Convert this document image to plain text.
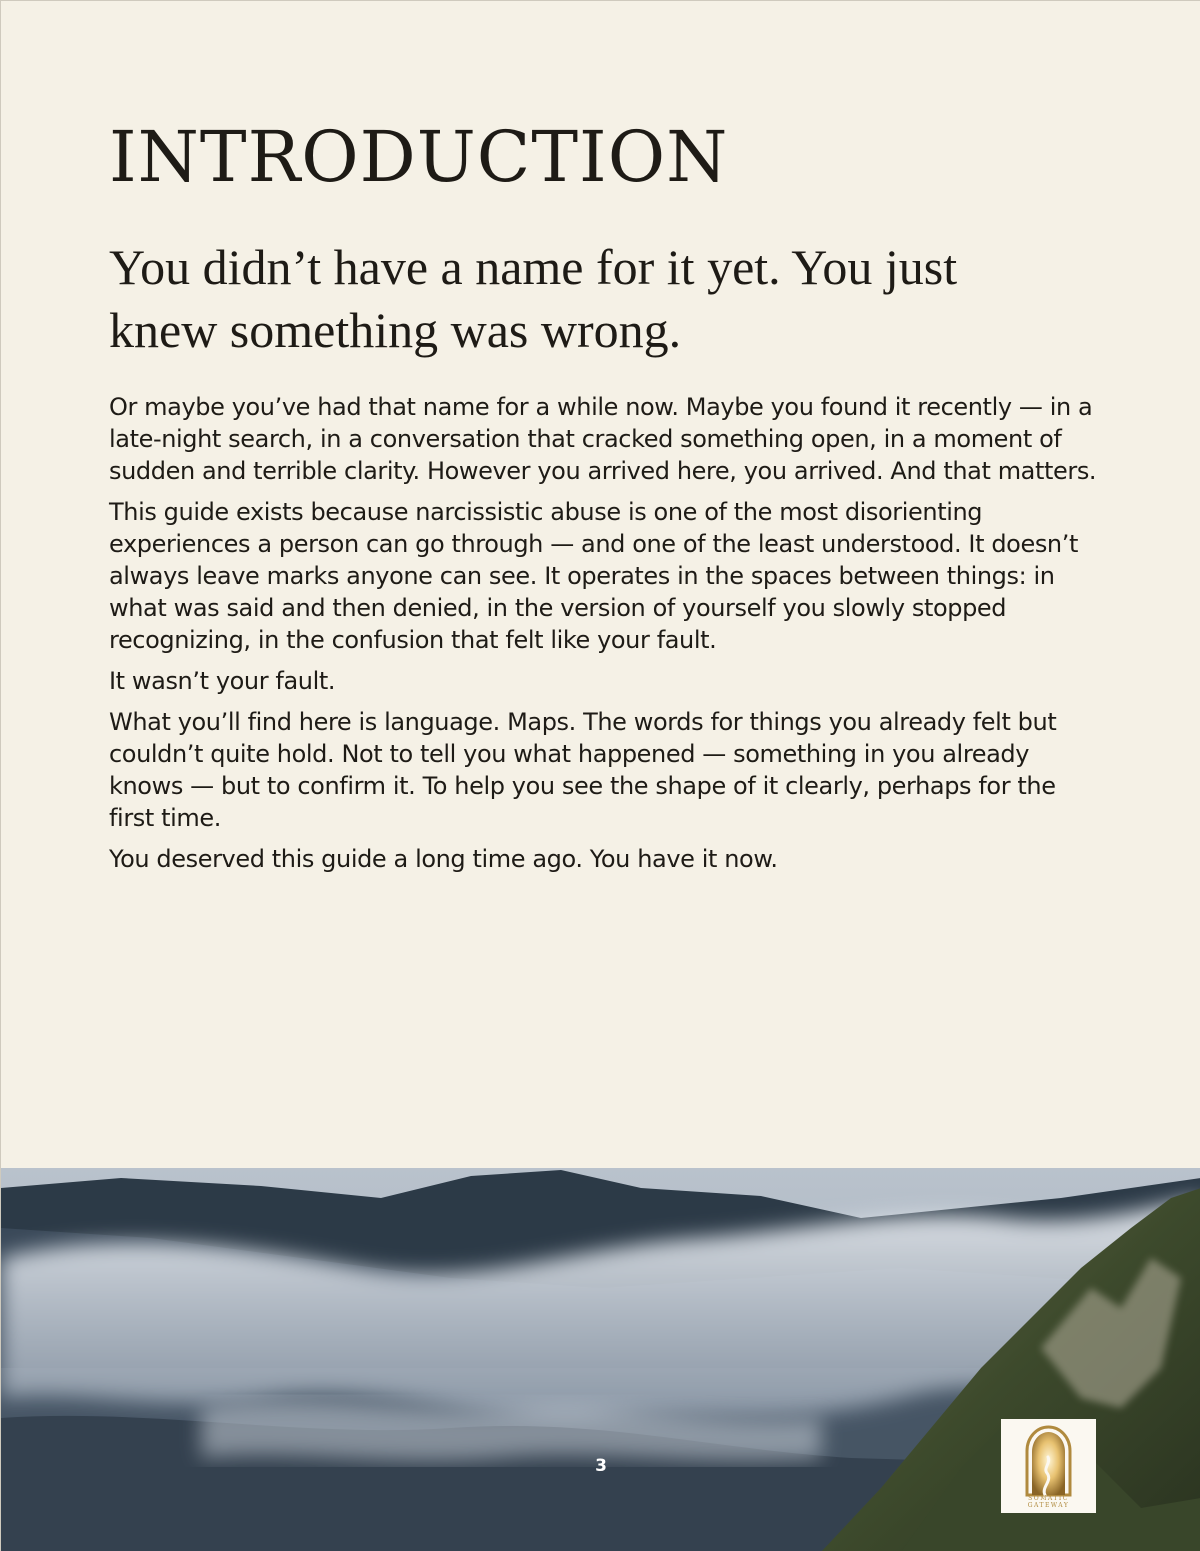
INTRODUCTION
You didn’t have a name for it yet. You just knew something was wrong.

Or maybe you’ve had that name for a while now. Maybe you found it recently — in a late-night search, in a conversation that cracked something open, in a moment of sudden and terrible clarity. However you arrived here, you arrived. And that matters.

This guide exists because narcissistic abuse is one of the most disorienting experiences a person can go through — and one of the least understood. It doesn’t always leave marks anyone can see. It operates in the spaces between things: in what was said and then denied, in the version of yourself you slowly stopped recognizing, in the confusion that felt like your fault.

It wasn’t your fault.

What you’ll find here is language. Maps. The words for things you already felt but couldn’t quite hold. Not to tell you what happened — something in you already knows — but to confirm it. To help you see the shape of it clearly, perhaps for the first time.

You deserved this guide a long time ago. You have it now.

3
SOMATIC
GATEWAY
